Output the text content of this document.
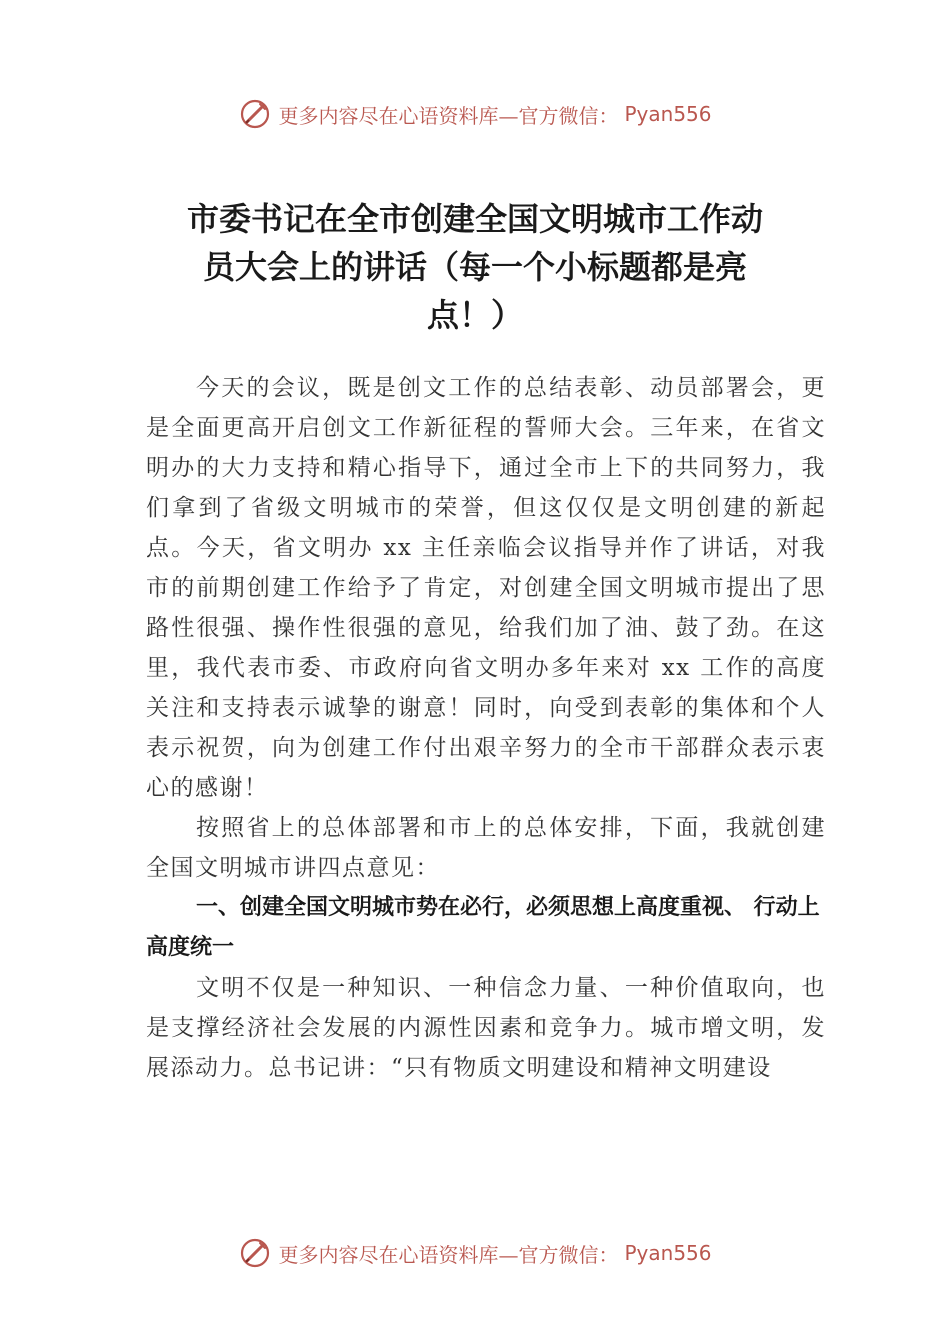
更多内容尽在心语资料库—官方微信： Pyan556
市委书记在全市创建全国文明城市工作动
员大会上的讲话（每一个小标题都是亮
点！）

今天的会议，既是创文工作的总结表彰、动员部署会，更是全面更高开启创文工作新征程的誓师大会。三年来，在省文明办的大力支持和精心指导下，通过全市上下的共同努力，我们拿到了省级文明城市的荣誉，但这仅仅是文明创建的新起点。今天，省文明办 xx 主任亲临会议指导并作了讲话，对我市的前期创建工作给予了肯定，对创建全国文明城市提出了思路性很强、操作性很强的意见，给我们加了油、鼓了劲。在这里，我代表市委、市政府向省文明办多年来对 xx 工作的高度关注和支持表示诚挚的谢意！同时，向受到表彰的集体和个人表示祝贺，向为创建工作付出艰辛努力的全市干部群众表示衷心的感谢！

按照省上的总体部署和市上的总体安排，下面，我就创建全国文明城市讲四点意见：

一、创建全国文明城市势在必行，必须思想上高度重视、 行动上高度统一

文明不仅是一种知识、一种信念力量、一种价值取向，也是支撑经济社会发展的内源性因素和竞争力。城市增文明，发展添动力。总书记讲：“只有物质文明建设和精神文明建设

更多内容尽在心语资料库—官方微信： Pyan556
